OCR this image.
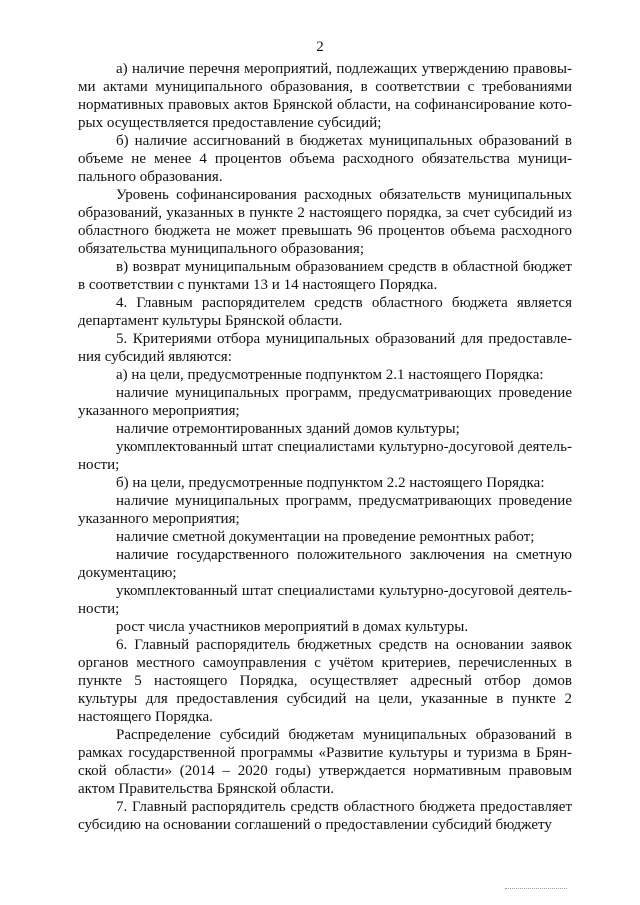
2

а) наличие перечня мероприятий, подлежащих утверждению правовыми актами муниципального образования, в соответствии с требованиями нормативных правовых актов Брянской области, на софинансирование которых осуществляется предоставление субсидий;

б) наличие ассигнований в бюджетах муниципальных образований в объеме не менее 4 процентов объема расходного обязательства муниципального образования.

Уровень софинансирования расходных обязательств муниципальных образований, указанных в пункте 2 настоящего порядка, за счет субсидий из областного бюджета не может превышать 96 процентов объема расходного обязательства муниципального образования;

в) возврат муниципальным образованием средств в областной бюджет в соответствии с пунктами 13 и 14 настоящего Порядка.

4. Главным распорядителем средств областного бюджета является департамент культуры Брянской области.

5. Критериями отбора муниципальных образований для предоставления субсидий являются:

а) на цели, предусмотренные подпунктом 2.1 настоящего Порядка:

наличие муниципальных программ, предусматривающих проведение указанного мероприятия;

наличие отремонтированных зданий домов культуры;

укомплектованный штат специалистами культурно-досуговой деятельности;

б) на цели, предусмотренные подпунктом 2.2 настоящего Порядка:

наличие муниципальных программ, предусматривающих проведение указанного мероприятия;

наличие сметной документации на проведение ремонтных работ;

наличие государственного положительного заключения на сметную документацию;

укомплектованный штат специалистами культурно-досуговой деятельности;

рост числа участников мероприятий в домах культуры.

6. Главный распорядитель бюджетных средств на основании заявок органов местного самоуправления с учётом критериев, перечисленных в пункте 5 настоящего Порядка, осуществляет адресный отбор домов культуры для предоставления субсидий на цели, указанные в пункте 2 настоящего Порядка.

Распределение субсидий бюджетам муниципальных образований в рамках государственной программы «Развитие культуры и туризма в Брянской области» (2014 – 2020 годы) утверждается нормативным правовым актом Правительства Брянской области.

7. Главный распорядитель средств областного бюджета предоставляет субсидию на основании соглашений о предоставлении субсидий бюджету
